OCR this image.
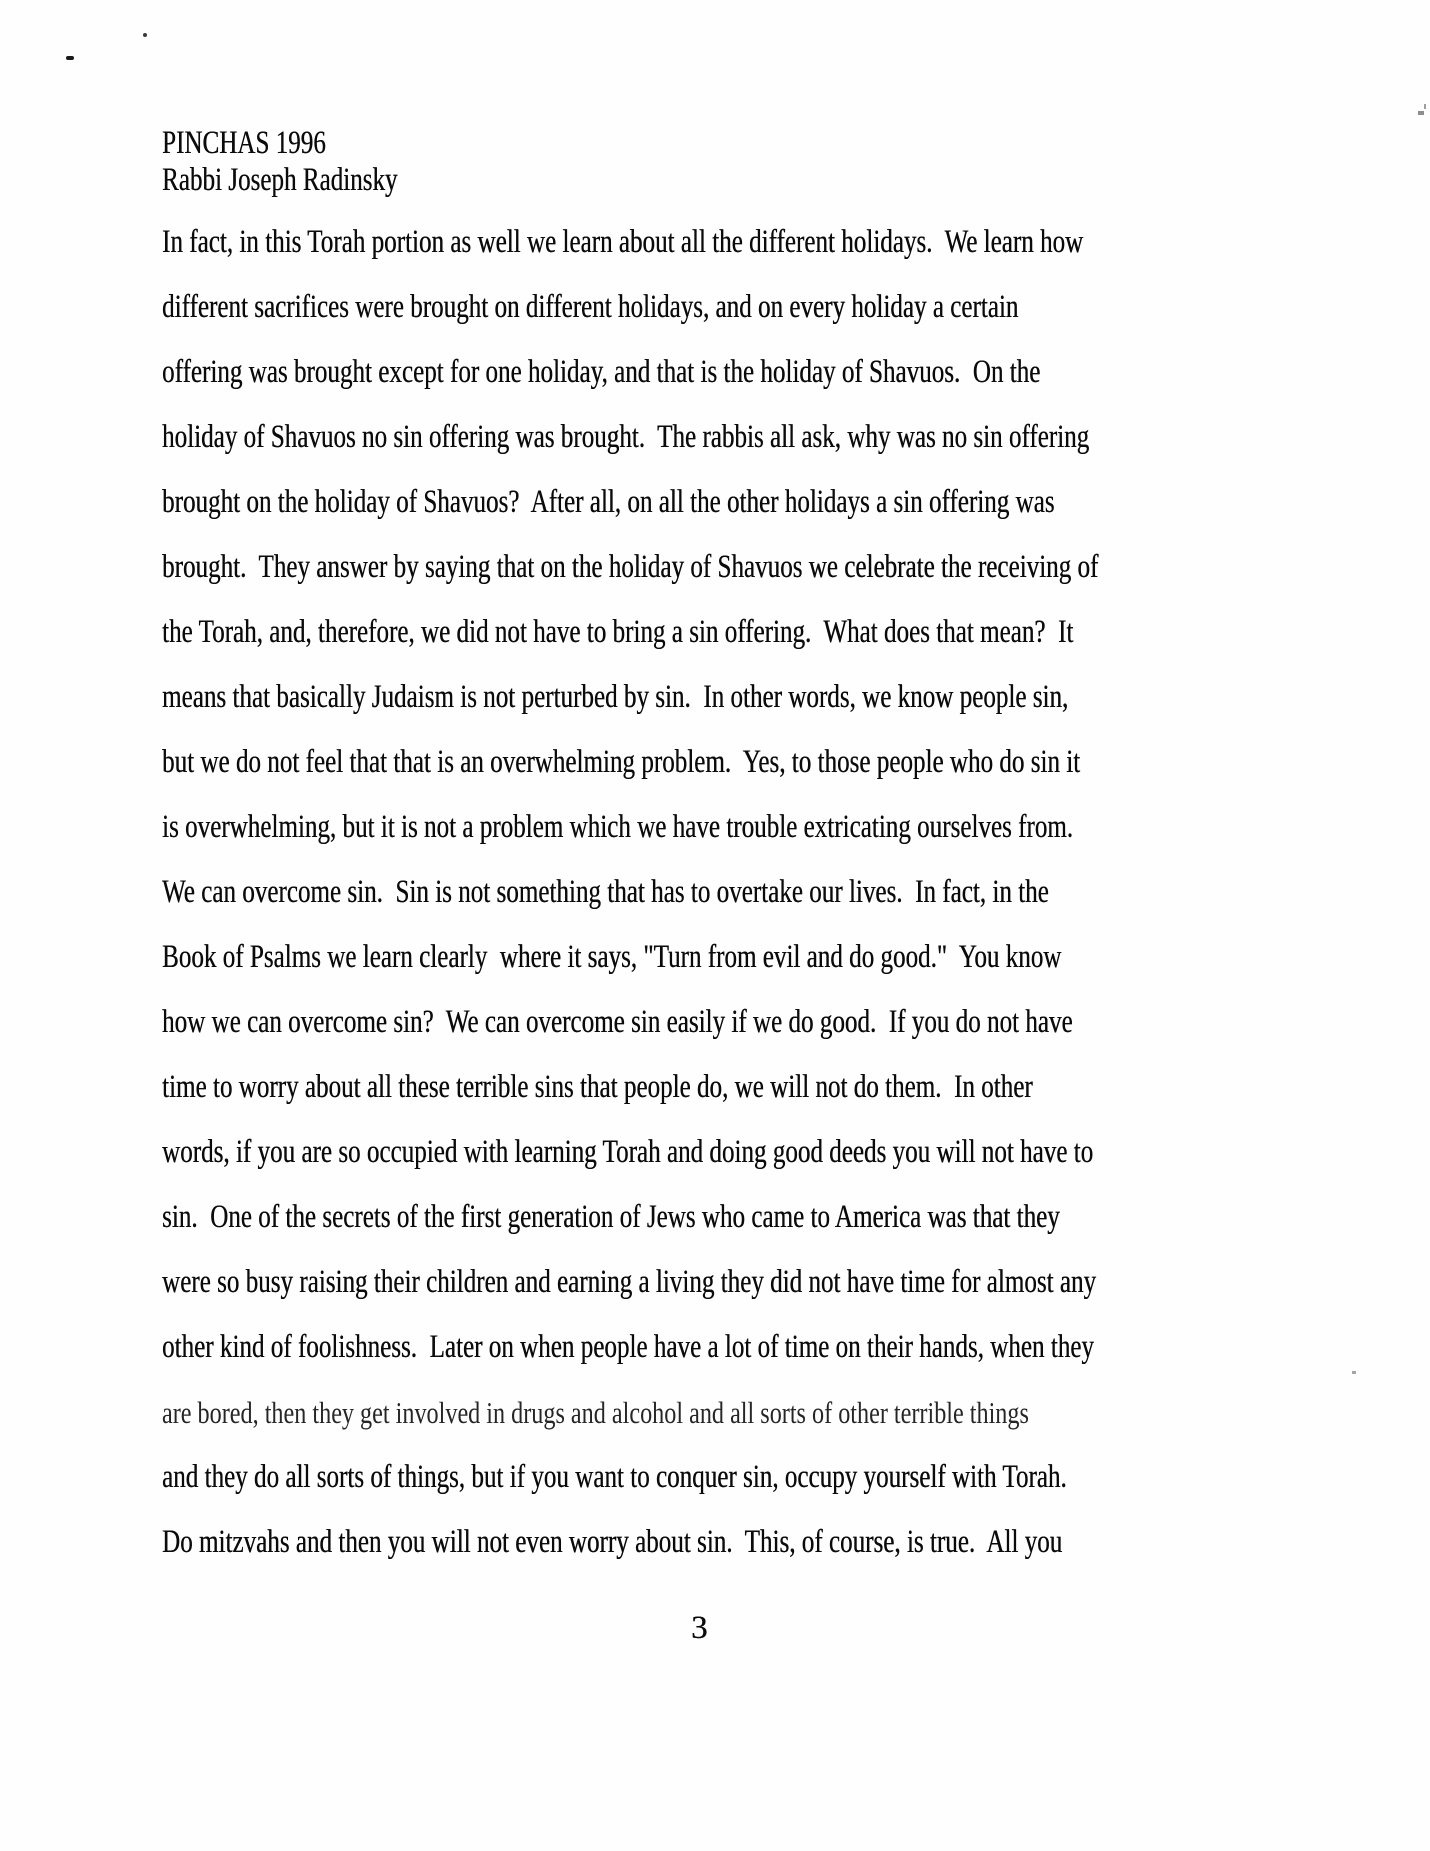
PINCHAS 1996
Rabbi Joseph Radinsky
In fact, in this Torah portion as well we learn about all the different holidays.  We learn how
different sacrifices were brought on different holidays, and on every holiday a certain
offering was brought except for one holiday, and that is the holiday of Shavuos.  On the
holiday of Shavuos no sin offering was brought.  The rabbis all ask, why was no sin offering
brought on the holiday of Shavuos?  After all, on all the other holidays a sin offering was
brought.  They answer by saying that on the holiday of Shavuos we celebrate the receiving of
the Torah, and, therefore, we did not have to bring a sin offering.  What does that mean?  It
means that basically Judaism is not perturbed by sin.  In other words, we know people sin,
but we do not feel that that is an overwhelming problem.  Yes, to those people who do sin it
is overwhelming, but it is not a problem which we have trouble extricating ourselves from.
We can overcome sin.  Sin is not something that has to overtake our lives.  In fact, in the
Book of Psalms we learn clearly  where it says, "Turn from evil and do good."  You know
how we can overcome sin?  We can overcome sin easily if we do good.  If you do not have
time to worry about all these terrible sins that people do, we will not do them.  In other
words, if you are so occupied with learning Torah and doing good deeds you will not have to
sin.  One of the secrets of the first generation of Jews who came to America was that they
were so busy raising their children and earning a living they did not have time for almost any
other kind of foolishness.  Later on when people have a lot of time on their hands, when they
are bored, then they get involved in drugs and alcohol and all sorts of other terrible things
and they do all sorts of things, but if you want to conquer sin, occupy yourself with Torah.
Do mitzvahs and then you will not even worry about sin.  This, of course, is true.  All you
3
